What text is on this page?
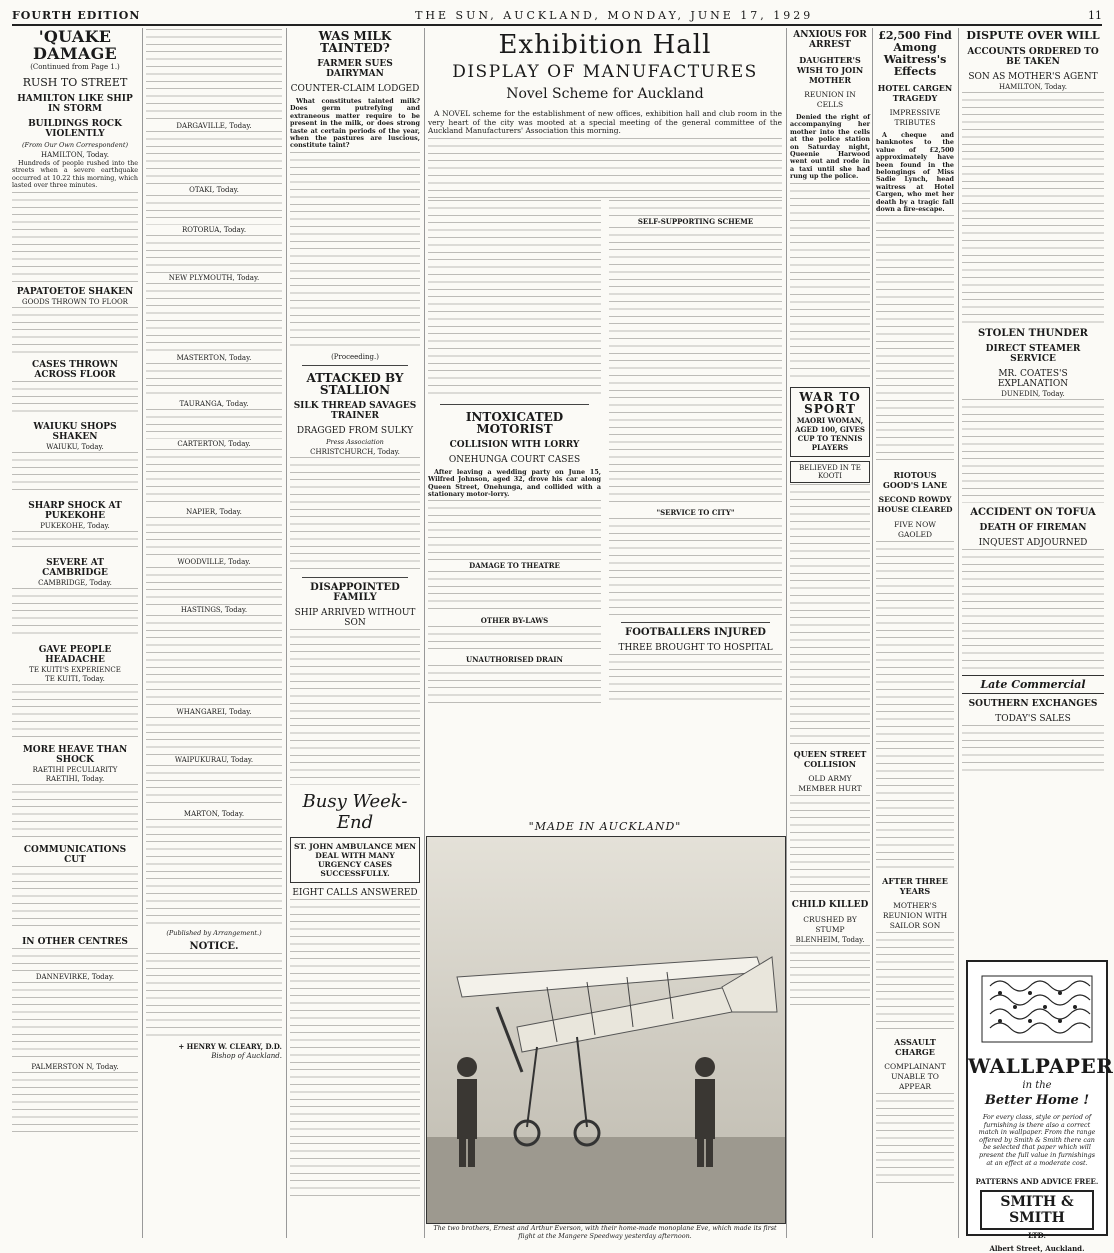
FOURTH EDITION	THE SUN, AUCKLAND, MONDAY, JUNE 17, 1929	11
'QUAKE DAMAGE
(Continued from Page 1.)
RUSH TO STREET
HAMILTON LIKE SHIP IN STORM
BUILDINGS ROCK VIOLENTLY
(From Our Own Correspondent)
HAMILTON, Today.

Hundreds of people rushed into the streets when a severe earthquake occurred at 10.22 this morning, which lasted over three minutes.

PAPATOETOE SHAKEN
GOODS THROWN TO FLOOR
CASES THROWN ACROSS FLOOR
WAIUKU SHOPS SHAKEN
WAIUKU, Today.
SHARP SHOCK AT PUKEKOHE
PUKEKOHE, Today.
SEVERE AT CAMBRIDGE
CAMBRIDGE, Today.
GAVE PEOPLE HEADACHE
TE KUITI'S EXPERIENCE
TE KUITI, Today.
MORE HEAVE THAN SHOCK
RAETIHI PECULIARITY
RAETIHI, Today.
COMMUNICATIONS CUT
IN OTHER CENTRES
DANNEVIRKE, Today.
PALMERSTON N, Today.
DARGAVILLE, Today.
OTAKI, Today.
ROTORUA, Today.
NEW PLYMOUTH, Today.
MASTERTON, Today.
TAURANGA, Today.
CARTERTON, Today.
NAPIER, Today.
WOODVILLE, Today.
HASTINGS, Today.
WHANGAREI, Today.
WAIPUKURAU, Today.
MARTON, Today.
(Published by Arrangement.)
NOTICE.
+ HENRY W. CLEARY, D.D.
Bishop of Auckland.
WAS MILK TAINTED?
FARMER SUES DAIRYMAN
COUNTER-CLAIM LODGED

What constitutes tainted milk? Does germ putrefying and extraneous matter require to be present in the milk, or does strong taste at certain periods of the year, when the pastures are luscious, constitute taint?

(Proceeding.)
ATTACKED BY STALLION
SILK THREAD SAVAGES TRAINER
DRAGGED FROM SULKY
Press Association
CHRISTCHURCH, Today.
DISAPPOINTED FAMILY
SHIP ARRIVED WITHOUT SON
Busy Week-End
ST. JOHN AMBULANCE MEN DEAL WITH MANY URGENCY CASES SUCCESSFULLY.
EIGHT CALLS ANSWERED
Exhibition Hall
DISPLAY OF MANUFACTURES
Novel Scheme for Auckland

A NOVEL scheme for the establishment of new offices, exhibition hall and club room in the very heart of the city was mooted at a special meeting of the general committee of the Auckland Manufacturers' Association this morning.

INTOXICATED MOTORIST
COLLISION WITH LORRY
ONEHUNGA COURT CASES

After leaving a wedding party on June 15, Wilfred Johnson, aged 32, drove his car along Queen Street, Onehunga, and collided with a stationary motor-lorry.

DAMAGE TO THEATRE
OTHER BY-LAWS
UNAUTHORISED DRAIN
SELF-SUPPORTING SCHEME
"SERVICE TO CITY"
FOOTBALLERS INJURED
THREE BROUGHT TO HOSPITAL
"MADE IN AUCKLAND"
The two brothers, Ernest and Arthur Everson, with their home-made monoplane Eve, which made its first flight at the Mangere Speedway yesterday afternoon.
ANXIOUS FOR ARREST
DAUGHTER'S WISH TO JOIN MOTHER
REUNION IN CELLS

Denied the right of accompanying her mother into the cells at the police station on Saturday night, Queenie Harwood went out and rode in a taxi until she had rung up the police.

WAR TO SPORT
MAORI WOMAN, AGED 100, GIVES CUP TO TENNIS PLAYERS
BELIEVED IN TE KOOTI
QUEEN STREET COLLISION
OLD ARMY MEMBER HURT
CHILD KILLED
CRUSHED BY STUMP
BLENHEIM, Today.
£2,500 Find Among Waitress's Effects
HOTEL CARGEN TRAGEDY
IMPRESSIVE TRIBUTES

A cheque and banknotes to the value of £2,500 approximately have been found in the belongings of Miss Sadie Lynch, head waitress at Hotel Cargen, who met her death by a tragic fall down a fire-escape.

RIOTOUS GOOD'S LANE
SECOND ROWDY HOUSE CLEARED
FIVE NOW GAOLED
AFTER THREE YEARS
MOTHER'S REUNION WITH SAILOR SON
ASSAULT CHARGE
COMPLAINANT UNABLE TO APPEAR
DISPUTE OVER WILL
ACCOUNTS ORDERED TO BE TAKEN
SON AS MOTHER'S AGENT
HAMILTON, Today.
STOLEN THUNDER
DIRECT STEAMER SERVICE
MR. COATES'S EXPLANATION
DUNEDIN, Today.
ACCIDENT ON TOFUA
DEATH OF FIREMAN
INQUEST ADJOURNED
Late Commercial
SOUTHERN EXCHANGES
TODAY'S SALES
WALLPAPER
in the
Better Home !
For every class, style or period of furnishing is there also a correct match in wallpaper. From the range offered by Smith & Smith there can be selected that paper which will present the full value in furnishings at an effect at a moderate cost.
PATTERNS AND ADVICE FREE.
SMITH & SMITH
LTD.
Albert Street, Auckland.
